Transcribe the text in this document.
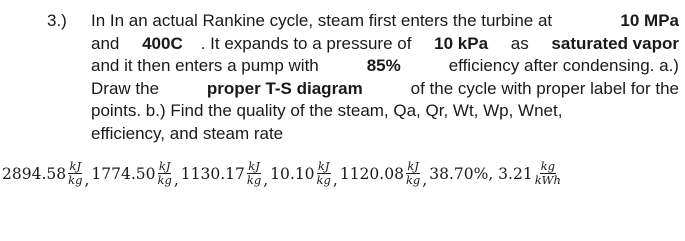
3.)	In In an actual Rankine cycle, steam first enters the turbine at	10 MPa
and 400C . It expands to a pressure of 10 kPa as saturated vapor
and it then enters a pump with	85%	efficiency after condensing. a.)
Draw the	proper T-S diagram	of the cycle with proper label for the
points. b.) Find the quality of the steam, Qa, Qr, Wt, Wp, Wnet,
efficiency, and steam rate
$2894.58 \frac{kJ}{kg}$ , $1774.50 \frac{kJ}{kg}$ , $1130.17 \frac{kJ}{kg}$ , $10.10 \frac{kJ}{kg}$ , $1120.08 \frac{kJ}{kg}$ , 38.70%, $3.21 \frac{kg}{\text{kWh}}$
